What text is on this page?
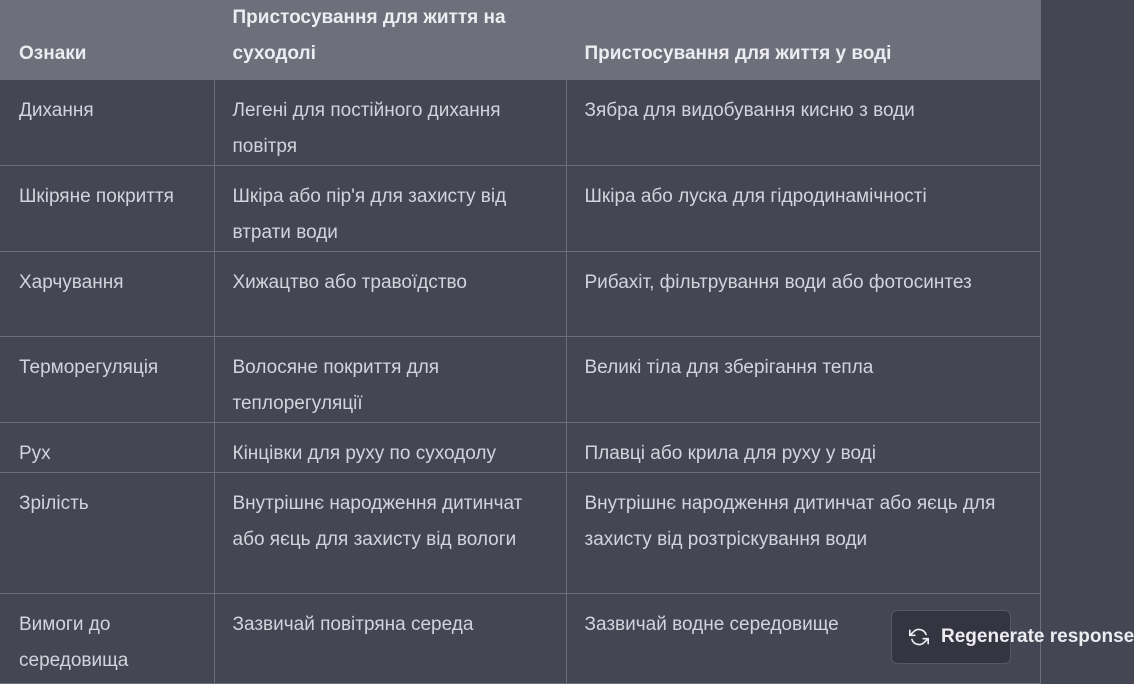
Ознаки	Пристосування для життя на суходолі	Пристосування для життя у воді
Дихання	Легені для постійного дихання повітря	Зябра для видобування кисню з води
Шкіряне покриття	Шкіра або пір'я для захисту від втрати води	Шкіра або луска для гідродинамічності
Харчування	Хижацтво або травоїдство	Рибахіт, фільтрування води або фотосинтез
Терморегуляція	Волосяне покриття для теплорегуляції	Великі тіла для зберігання тепла
Рух	Кінцівки для руху по суходолу	Плавці або крила для руху у воді
Зрілість	Внутрішнє народження дитинчат або яєць для захисту від вологи	Внутрішнє народження дитинчат або яєць для захисту від розтріскування води
Вимоги до середовища	Зазвичай повітряна середа	Зазвичай водне середовище
Regenerate response
